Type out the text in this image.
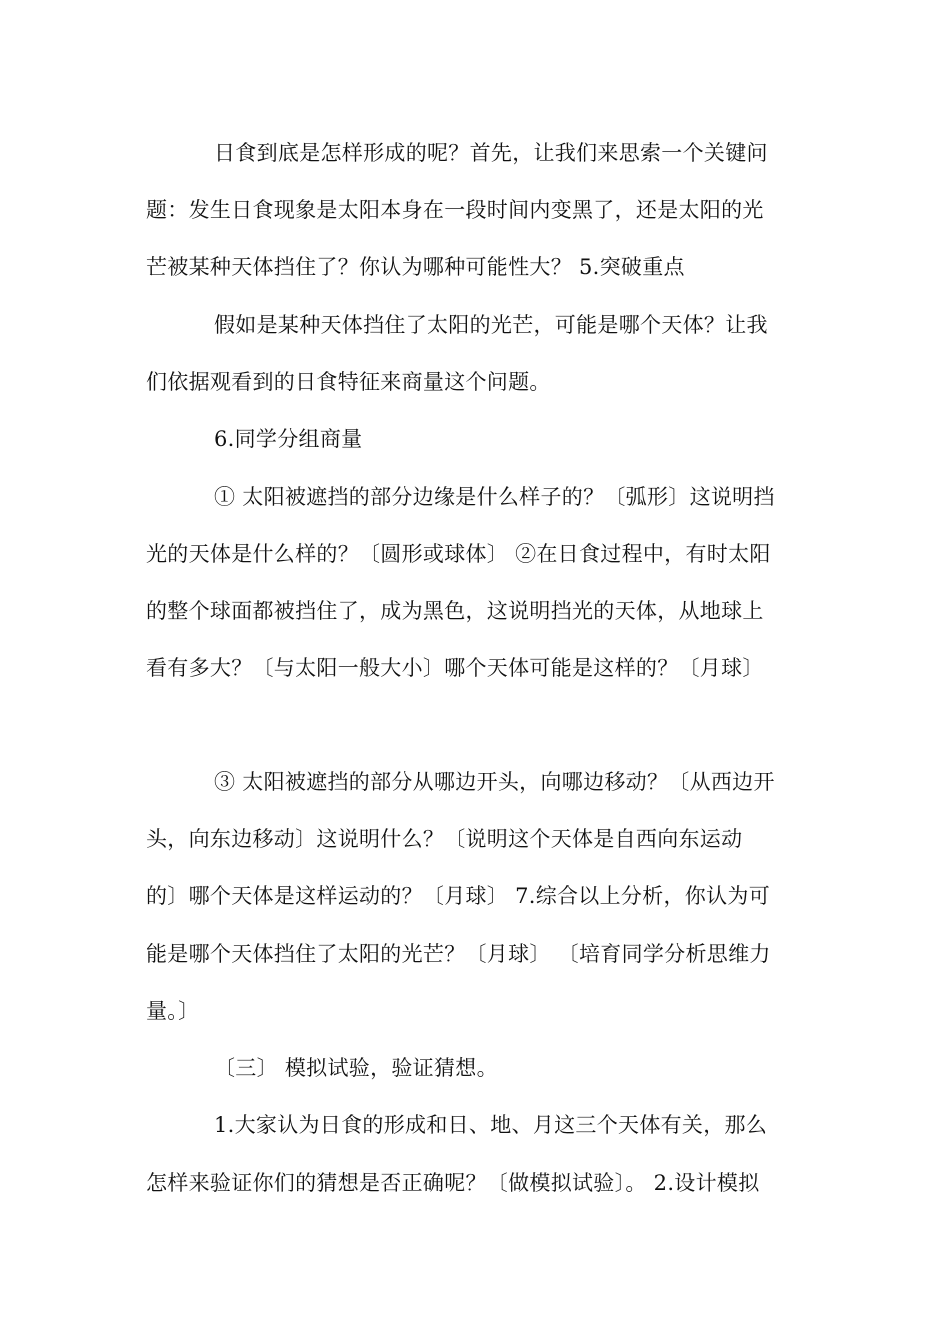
日食到底是怎样形成的呢？首先，让我们来思索一个关键问
题：发生日食现象是太阳本身在一段时间内变黑了，还是太阳的光
芒被某种天体挡住了？你认为哪种可能性大？ 5.突破重点
假如是某种天体挡住了太阳的光芒，可能是哪个天体？让我
们依据观看到的日食特征来商量这个问题。
6.同学分组商量
① 太阳被遮挡的部分边缘是什么样子的？〔弧形〕这说明挡
光的天体是什么样的？〔圆形或球体〕 ②在日食过程中，有时太阳
的整个球面都被挡住了，成为黑色，这说明挡光的天体，从地球上
看有多大？〔与太阳一般大小〕哪个天体可能是这样的？〔月球〕
③ 太阳被遮挡的部分从哪边开头，向哪边移动？〔从西边开
头，向东边移动〕这说明什么？〔说明这个天体是自西向东运动
的〕哪个天体是这样运动的？〔月球〕 7.综合以上分析，你认为可
能是哪个天体挡住了太阳的光芒？〔月球〕 〔培育同学分析思维力
量。〕
〔三〕 模拟试验，验证猜想。
1.大家认为日食的形成和日、地、月这三个天体有关，那么
怎样来验证你们的猜想是否正确呢？〔做模拟试验〕。 2.设计模拟
